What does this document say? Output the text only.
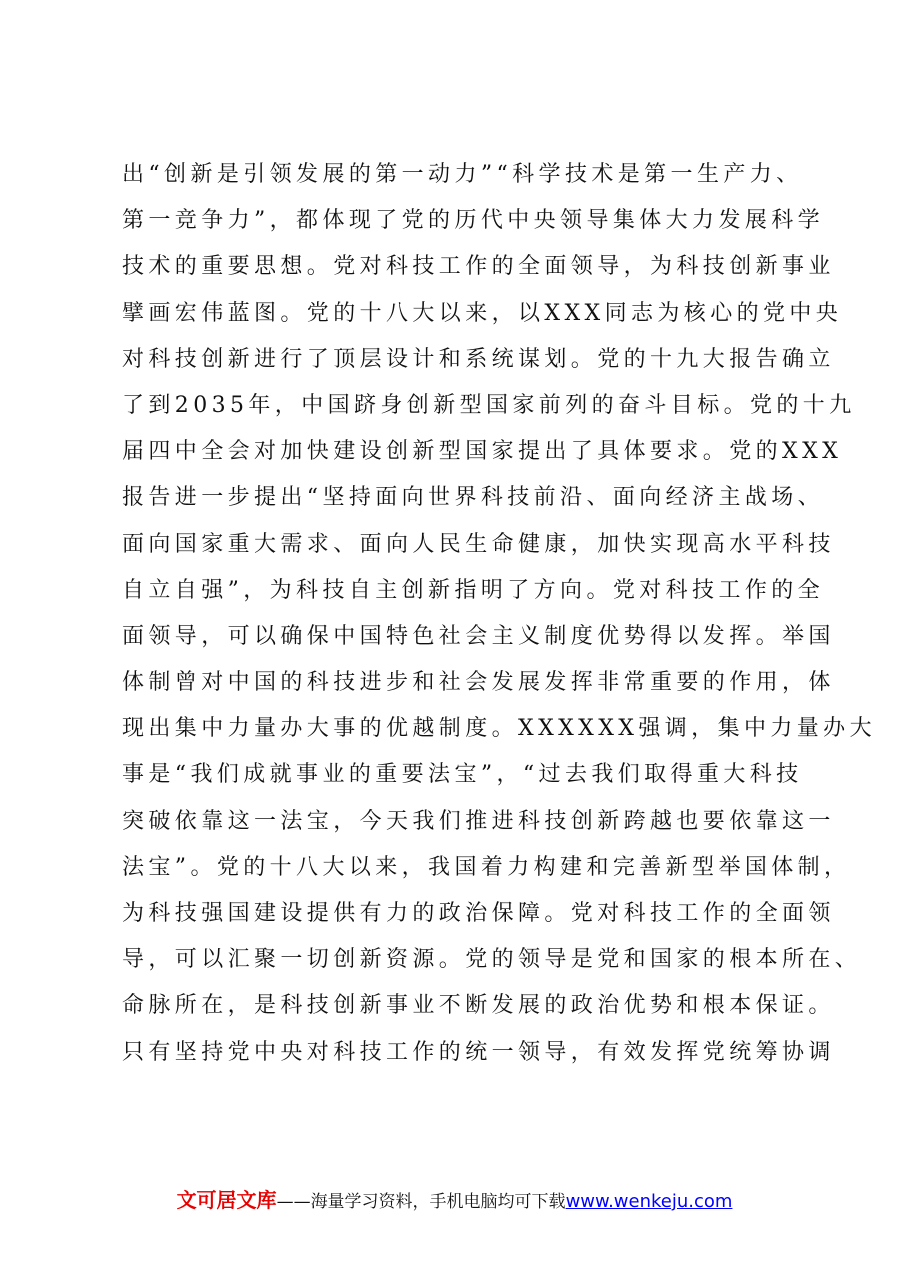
出“创新是引领发展的第一动力”“科学技术是第一生产力、
第一竞争力”，都体现了党的历代中央领导集体大力发展科学
技术的重要思想。党对科技工作的全面领导，为科技创新事业
擘画宏伟蓝图。党的十八大以来，以XXX同志为核心的党中央
对科技创新进行了顶层设计和系统谋划。党的十九大报告确立
了到2035年，中国跻身创新型国家前列的奋斗目标。党的十九
届四中全会对加快建设创新型国家提出了具体要求。党的XXX
报告进一步提出“坚持面向世界科技前沿、面向经济主战场、
面向国家重大需求、面向人民生命健康，加快实现高水平科技
自立自强”，为科技自主创新指明了方向。党对科技工作的全
面领导，可以确保中国特色社会主义制度优势得以发挥。举国
体制曾对中国的科技进步和社会发展发挥非常重要的作用，体
现出集中力量办大事的优越制度。XXXXXX强调，集中力量办大
事是“我们成就事业的重要法宝”，“过去我们取得重大科技
突破依靠这一法宝，今天我们推进科技创新跨越也要依靠这一
法宝”。党的十八大以来，我国着力构建和完善新型举国体制，
为科技强国建设提供有力的政治保障。党对科技工作的全面领
导，可以汇聚一切创新资源。党的领导是党和国家的根本所在、
命脉所在，是科技创新事业不断发展的政治优势和根本保证。
只有坚持党中央对科技工作的统一领导，有效发挥党统筹协调
文可居文库——海量学习资料，手机电脑均可下载www.wenkeju.com
